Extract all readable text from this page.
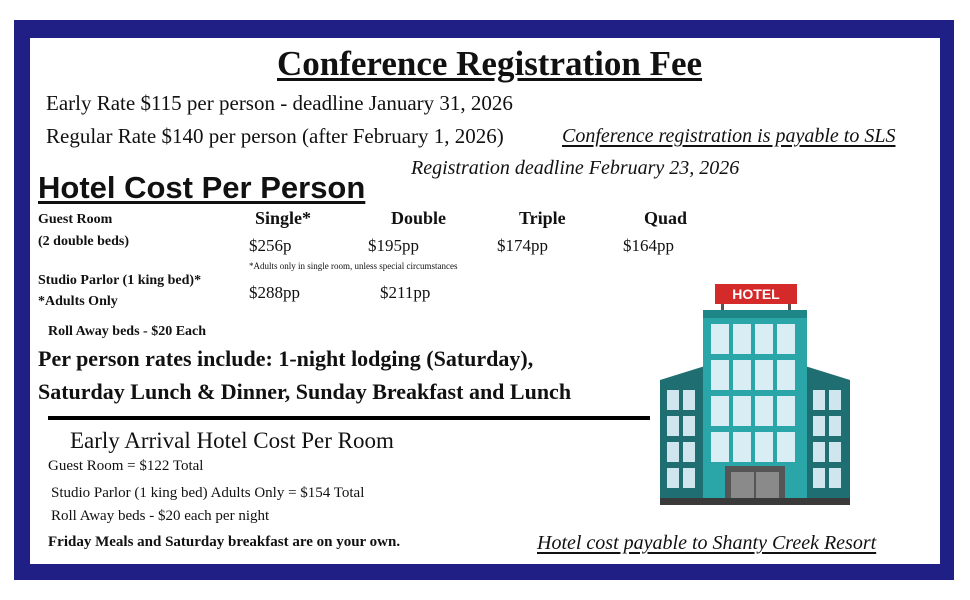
Conference Registration Fee
Early Rate $115 per person - deadline January 31, 2026
Regular Rate $140 per person (after February 1, 2026)	Conference registration is payable to SLS
Registration deadline February 23, 2026
Hotel Cost Per Person
Single*	Double	Triple	Quad
Guest Room
(2 double beds)	$256p	$195pp	$174pp	$164pp
*Adults only in single room, unless special circumstances
Studio Parlor (1 king bed)*
*Adults Only	$288pp	$211pp
Roll Away beds - $20 Each
Per person rates include: 1-night lodging (Saturday),
Saturday Lunch & Dinner, Sunday Breakfast and Lunch
Early Arrival Hotel Cost Per Room
Guest Room = $122 Total
Studio Parlor (1 king bed) Adults Only = $154 Total
Roll Away beds - $20 each per night
Friday Meals and Saturday breakfast are on your own.	Hotel cost payable to Shanty Creek Resort
HOTEL
